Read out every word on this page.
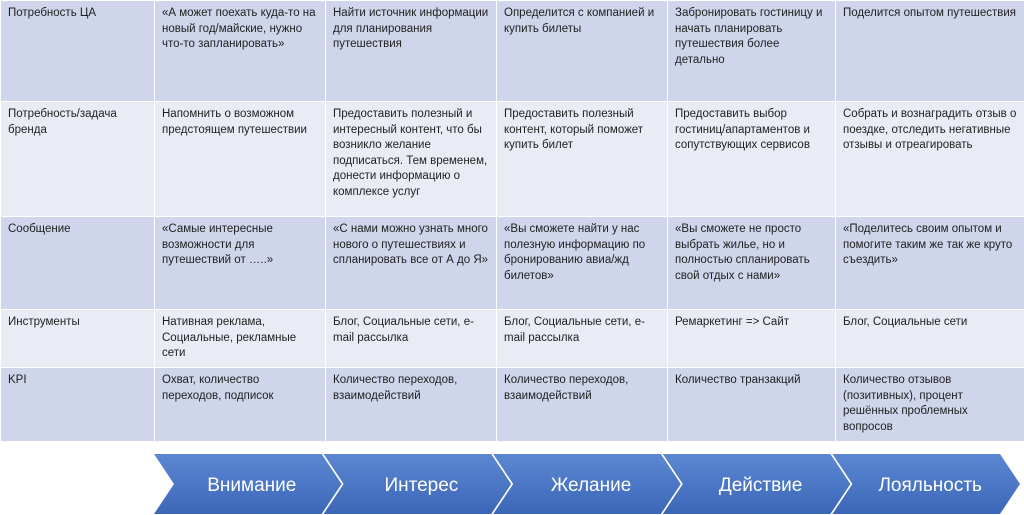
Потребность ЦА	«А может поехать куда-то на новый год/майские, нужно что-то запланировать»	Найти источник информации для планирования путешествия	Определится с компанией и купить билеты	Забронировать гостиницу и начать планировать путешествия более детально	Поделится опытом путешествия
Потребность/задача бренда	Напомнить о возможном предстоящем путешествии	Предоставить полезный и интересный контент, что бы возникло желание подписаться. Тем временем, донести информацию о комплексе услуг	Предоставить полезный контент, который поможет купить билет	Предоставить выбор гостиниц/апартаментов и сопутствующих сервисов	Собрать и вознаградить отзыв о поездке, отследить негативные отзывы и отреагировать
Сообщение	«Самые интересные возможности для путешествий от …..»	«С нами можно узнать много нового о путешествиях и спланировать все от А до Я»	«Вы сможете найти у нас полезную информацию по бронированию авиа/жд билетов»	«Вы сможете не просто выбрать жилье, но и полностью спланировать свой отдых с нами»	«Поделитесь своим опытом и помогите таким же так же круто съездить»
Инструменты	Нативная реклама, Социальные, рекламные сети	Блог, Социальные сети, e-mail рассылка	Блог, Социальные сети, e-mail рассылка	Ремаркетинг => Сайт	Блог, Социальные сети
KPI	Охват, количество переходов, подписок	Количество переходов, взаимодействий	Количество переходов, взаимодействий	Количество транзакций	Количество отзывов (позитивных), процент решённых проблемных вопросов
Внимание	Интерес	Желание	Действие	Лояльность
